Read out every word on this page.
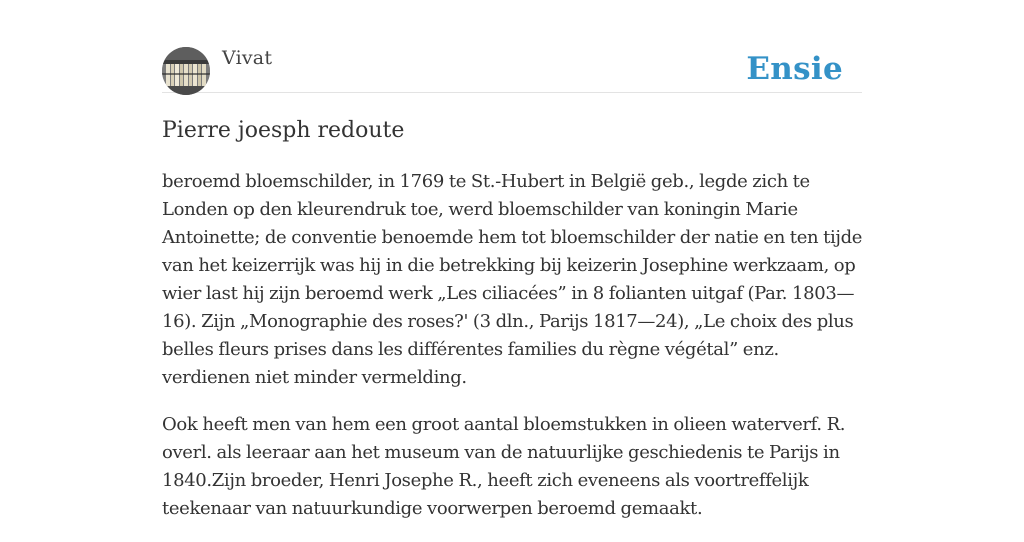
Vivat	Ensie
Pierre joesph redoute

beroemd bloemschilder, in 1769 te St.-Hubert in België geb., legde zich te Londen op den kleurendruk toe, werd bloemschilder van koningin Marie Antoinette; de conventie benoemde hem tot bloemschilder der natie en ten tijde van het keizerrijk was hij in die betrekking bij keizerin Josephine werkzaam, op wier last hij zijn beroemd werk „Les ciliacées” in 8 folianten uitgaf (Par. 1803—16). Zijn „Monographie des roses?' (3 dln., Parijs 1817—24), „Le choix des plus belles fleurs prises dans les différentes families du règne végétal” enz. verdienen niet minder vermelding.

Ook heeft men van hem een groot aantal bloemstukken in olieen waterverf. R. overl. als leeraar aan het museum van de natuurlijke geschiedenis te Parijs in 1840.Zijn broeder, Henri Josephe R., heeft zich eveneens als voortreffelijk teekenaar van natuurkundige voorwerpen beroemd gemaakt.
